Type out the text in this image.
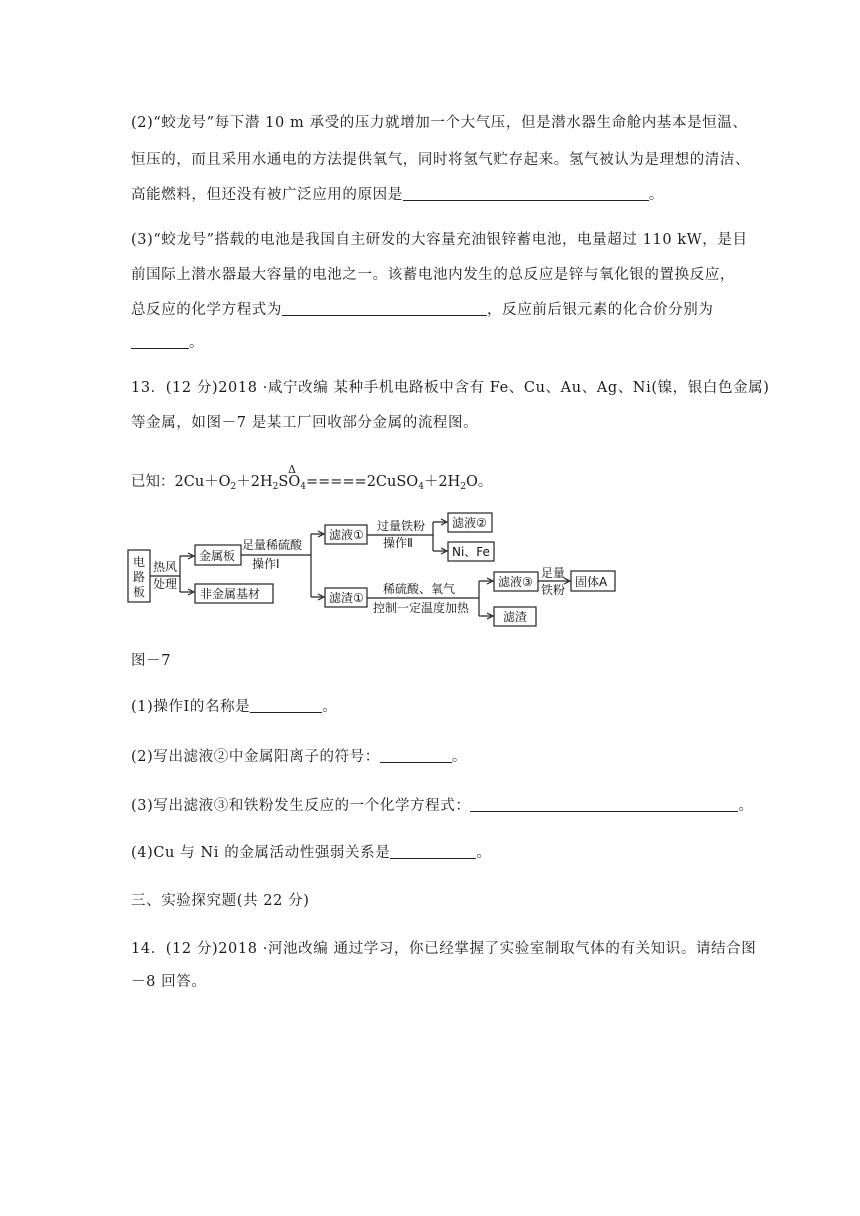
(2)“蛟龙号”每下潜 10 m 承受的压力就增加一个大气压，但是潜水器生命舱内基本是恒温、
恒压的，而且采用水通电的方法提供氧气，同时将氢气贮存起来。氢气被认为是理想的清洁、
高能燃料，但还没有被广泛应用的原因是	。
(3)“蛟龙号”搭载的电池是我国自主研发的大容量充油银锌蓄电池，电量超过 110 kW，是目
前国际上潜水器最大容量的电池之一。该蓄电池内发生的总反应是锌与氧化银的置换反应，
总反应的化学方程式为	，反应前后银元素的化合价分别为
。
13．(12 分)2018 ·咸宁改编 某种手机电路板中含有 Fe、Cu、Au、Ag、Ni(镍，银白色金属)
等金属，如图－7 是某工厂回收部分金属的流程图。
已知：$2Cu+O_2+2H_2SO_4=====2CuSO_4+2H_2O$。
Δ
电
路
板
热风
处理
金属板
非金属基材
足量稀硫酸
操作Ⅰ
滤液①
滤渣①
过量铁粉
操作Ⅱ
滤液②
Ni、Fe
稀硫酸、氧气
控制一定温度加热
滤液③
滤渣
足量
铁粉
固体A
图－7
(1)操作Ⅰ的名称是	。
(2)写出滤液②中金属阳离子的符号：	。
(3)写出滤液③和铁粉发生反应的一个化学方程式：	。
(4)Cu 与 Ni 的金属活动性强弱关系是	。
三、实验探究题(共 22 分)
14．(12 分)2018 ·河池改编 通过学习，你已经掌握了实验室制取气体的有关知识。请结合图
－8 回答。
